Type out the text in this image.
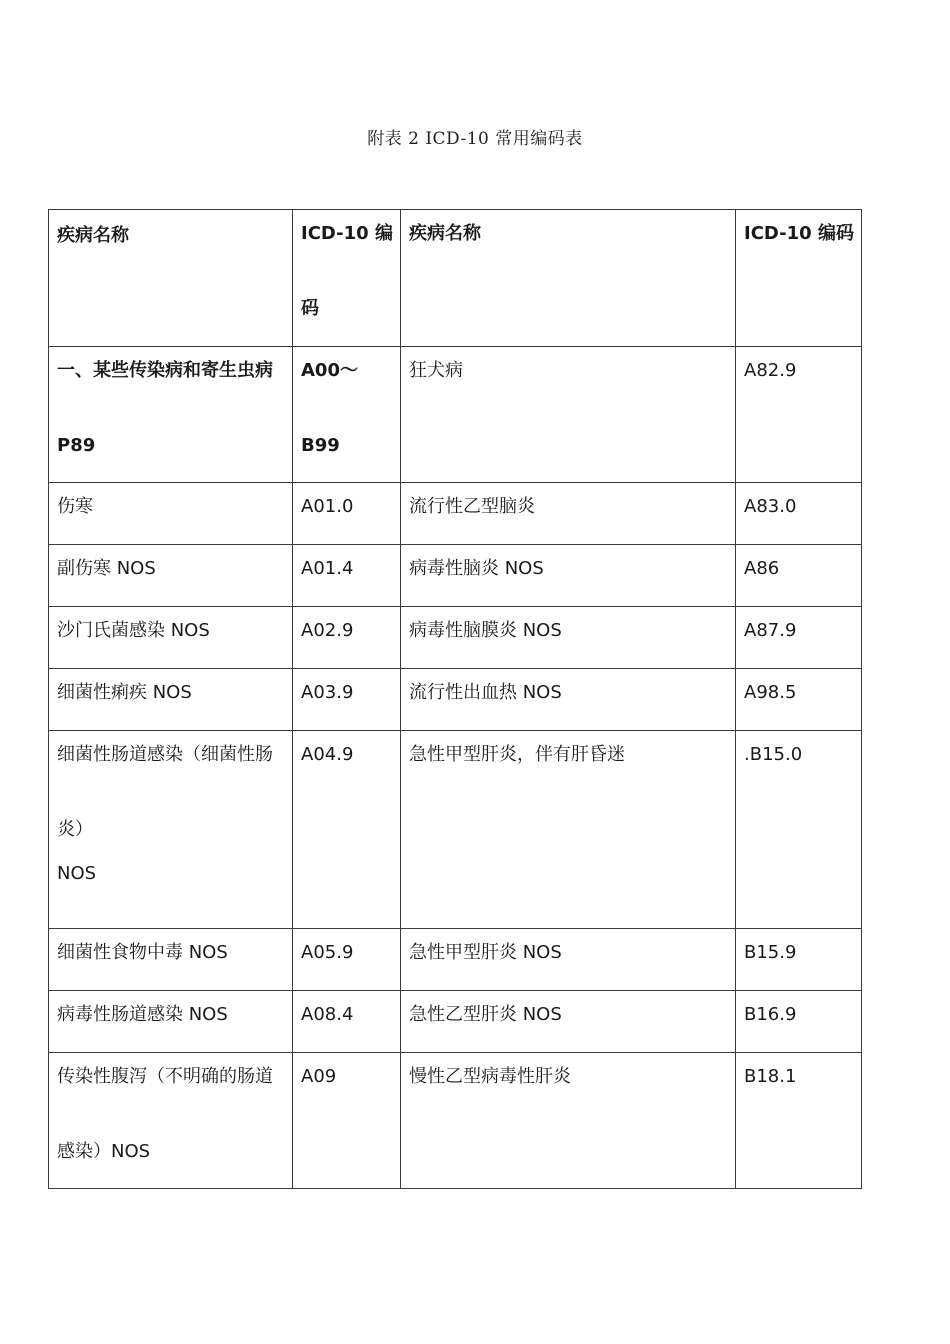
附表 2 ICD-10 常用编码表
疾病名称	ICD-10 编码	疾病名称	ICD-10 编码

一、某些传染病和寄生虫病 P89	A00～B99	狂犬病	A82.9

伤寒	A01.0	流行性乙型脑炎	A83.0

副伤寒 NOS	A01.4	病毒性脑炎 NOS	A86

沙门氏菌感染 NOS	A02.9	病毒性脑膜炎 NOS	A87.9

细菌性痢疾 NOS	A03.9	流行性出血热 NOS	A98.5

细菌性肠道感染（细菌性肠炎）
NOS	A04.9	急性甲型肝炎，伴有肝昏迷	.B15.0

细菌性食物中毒 NOS	A05.9	急性甲型肝炎 NOS	B15.9

病毒性肠道感染 NOS	A08.4	急性乙型肝炎 NOS	B16.9

传染性腹泻（不明确的肠道感染）NOS	A09	慢性乙型病毒性肝炎	B18.1
